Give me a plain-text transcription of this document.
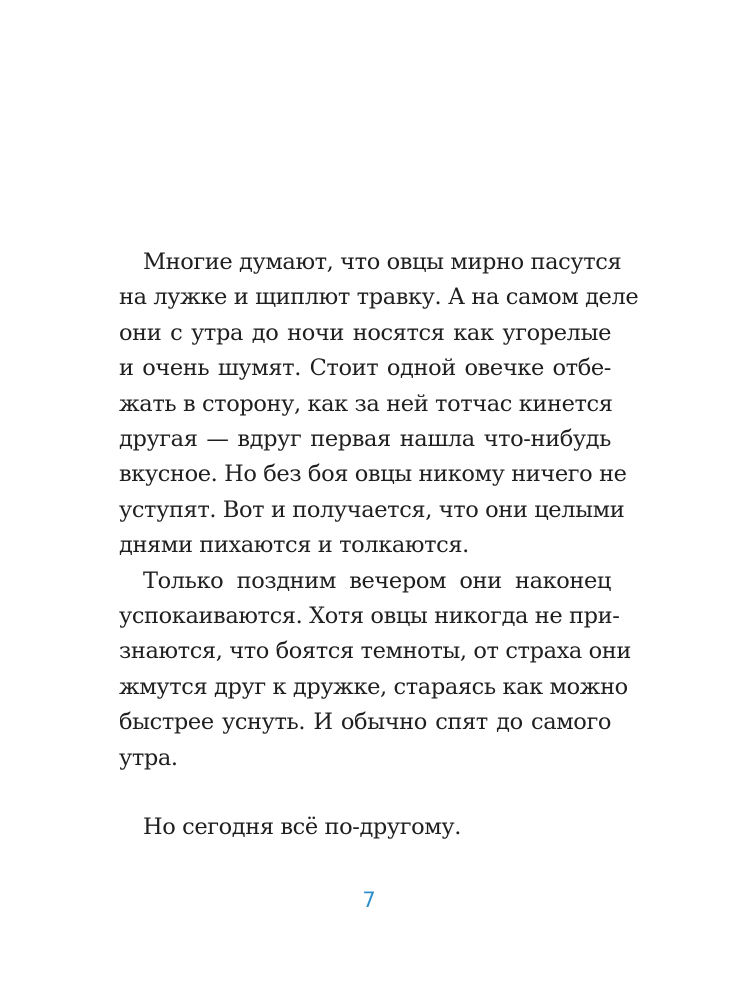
Многие думают, что овцы мирно пасутся
на лужке и щиплют травку. А на самом деле
они с утра до ночи носятся как угорелые
и очень шумят. Стоит одной овечке отбе-
жать в сторону, как за ней тотчас кинется
другая — вдруг первая нашла что-нибудь
вкусное. Но без боя овцы никому ничего не
уступят. Вот и получается, что они целыми
днями пихаются и толкаются.
Только поздним вечером они наконец
успокаиваются. Хотя овцы никогда не при-
знаются, что боятся темноты, от страха они
жмутся друг к дружке, стараясь как можно
быстрее уснуть. И обычно спят до самого
утра.
Но сегодня всё по-другому.
7
